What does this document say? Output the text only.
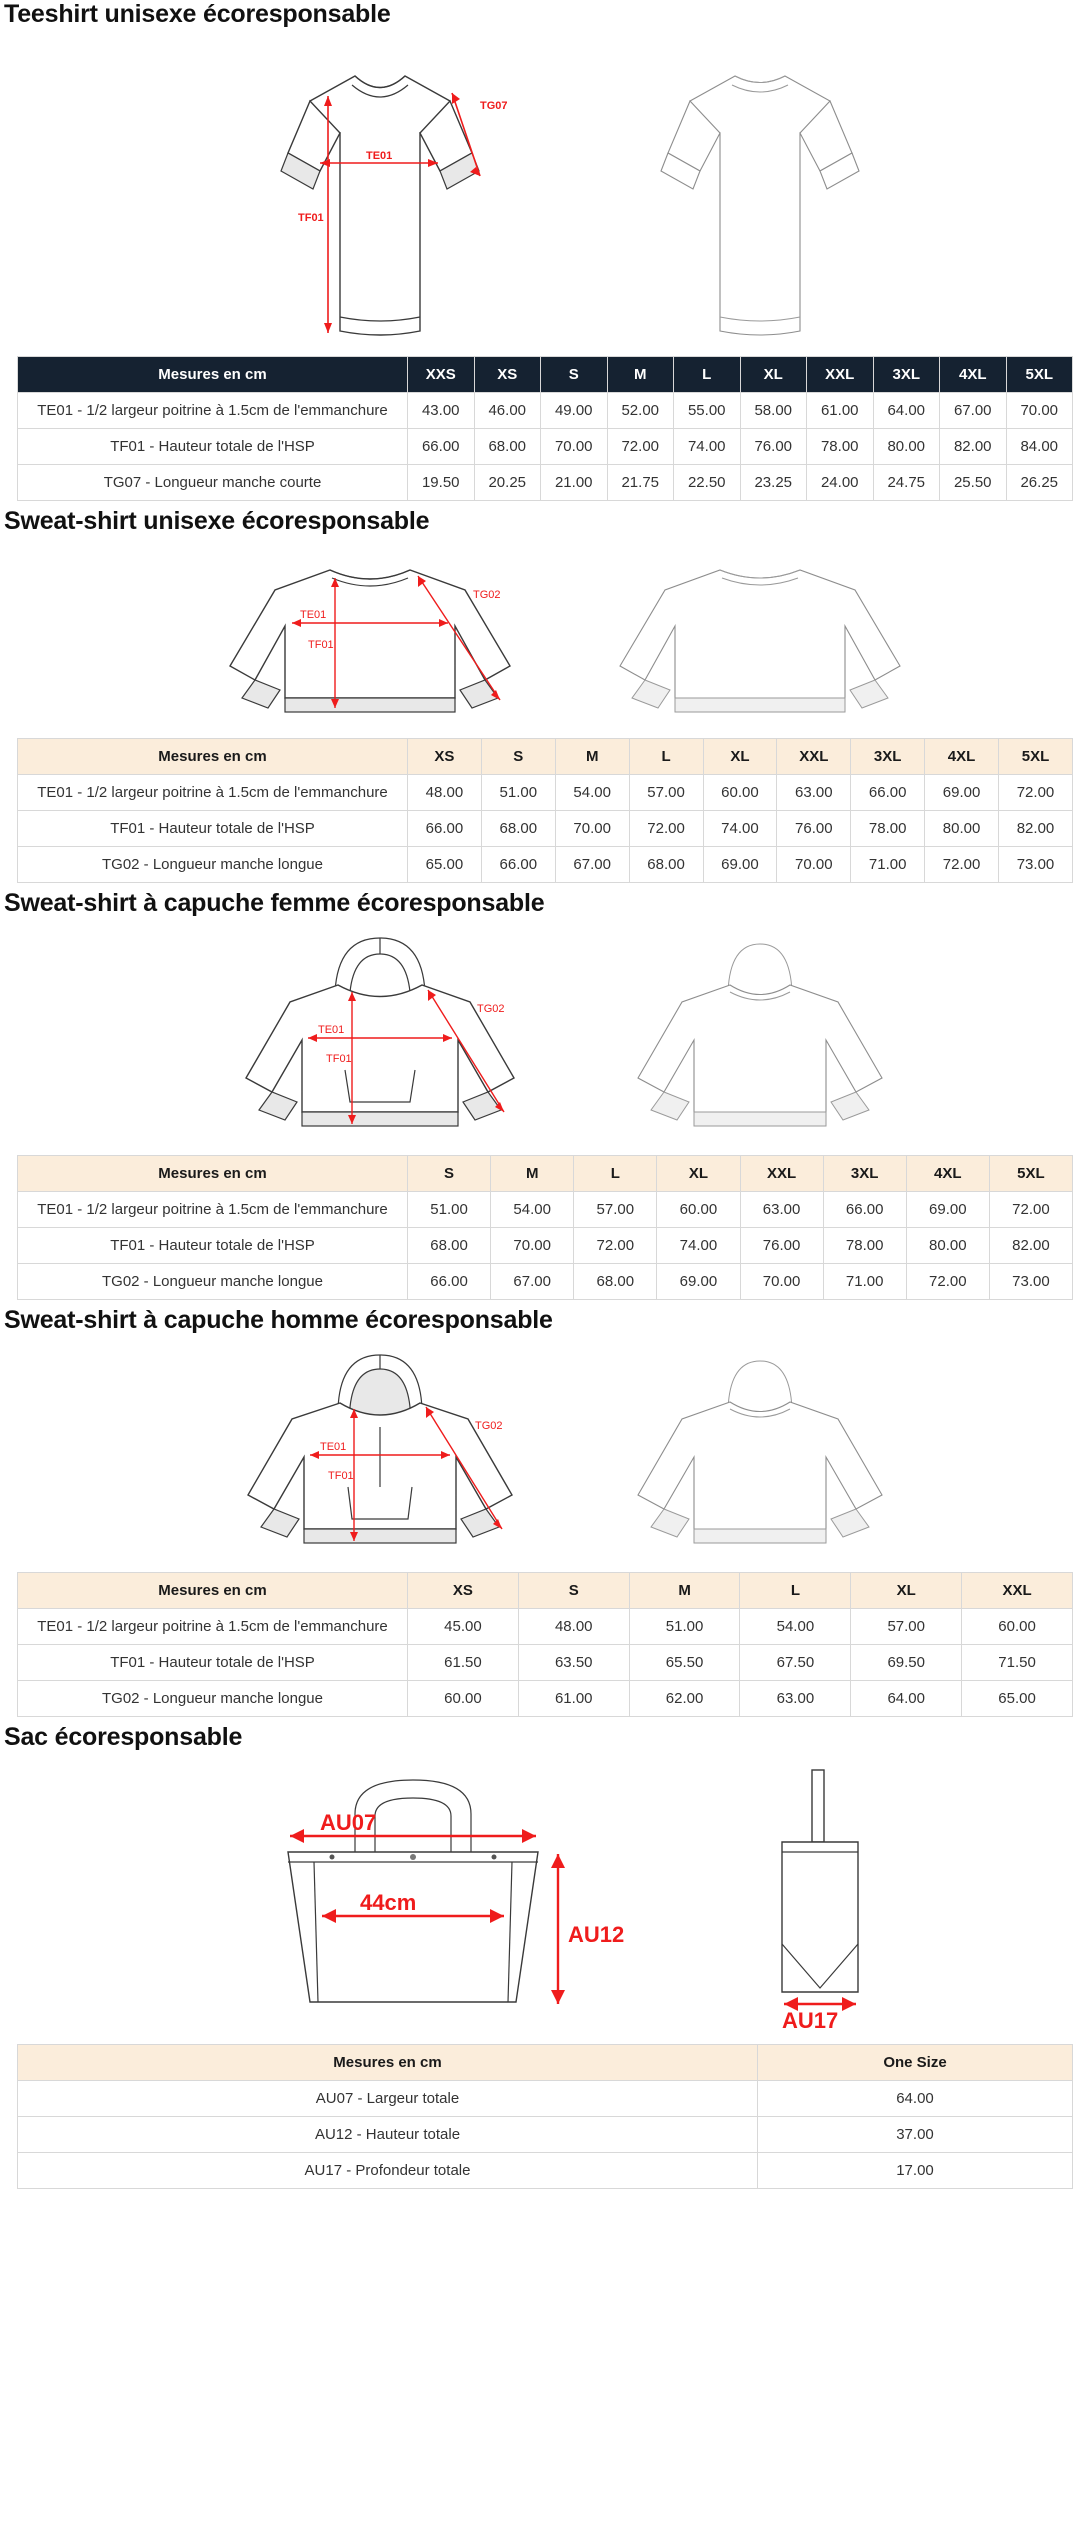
Teeshirt unisexe écoresponsable
TE01
TF01
TG07
Mesures en cm	XXS	XS	S	M	L	XL	XXL	3XL	4XL	5XL
TE01 - 1/2 largeur poitrine à 1.5cm de l'emmanchure	43.00	46.00	49.00	52.00	55.00	58.00	61.00	64.00	67.00	70.00
TF01 - Hauteur totale de l'HSP	66.00	68.00	70.00	72.00	74.00	76.00	78.00	80.00	82.00	84.00
TG07 - Longueur manche courte	19.50	20.25	21.00	21.75	22.50	23.25	24.00	24.75	25.50	26.25
Sweat-shirt unisexe écoresponsable
TE01
TF01
TG02
Mesures en cm	XS	S	M	L	XL	XXL	3XL	4XL	5XL
TE01 - 1/2 largeur poitrine à 1.5cm de l'emmanchure	48.00	51.00	54.00	57.00	60.00	63.00	66.00	69.00	72.00
TF01 - Hauteur totale de l'HSP	66.00	68.00	70.00	72.00	74.00	76.00	78.00	80.00	82.00
TG02 - Longueur manche longue	65.00	66.00	67.00	68.00	69.00	70.00	71.00	72.00	73.00
Sweat-shirt à capuche femme écoresponsable
TE01
TF01
TG02
Mesures en cm	S	M	L	XL	XXL	3XL	4XL	5XL
TE01 - 1/2 largeur poitrine à 1.5cm de l'emmanchure	51.00	54.00	57.00	60.00	63.00	66.00	69.00	72.00
TF01 - Hauteur totale de l'HSP	68.00	70.00	72.00	74.00	76.00	78.00	80.00	82.00
TG02 - Longueur manche longue	66.00	67.00	68.00	69.00	70.00	71.00	72.00	73.00
Sweat-shirt à capuche homme écoresponsable
TE01
TF01
TG02
Mesures en cm	XS	S	M	L	XL	XXL
TE01 - 1/2 largeur poitrine à 1.5cm de l'emmanchure	45.00	48.00	51.00	54.00	57.00	60.00
TF01 - Hauteur totale de l'HSP	61.50	63.50	65.50	67.50	69.50	71.50
TG02 - Longueur manche longue	60.00	61.00	62.00	63.00	64.00	65.00
Sac écoresponsable
AU07
44cm
AU12
AU17
Mesures en cm	One Size
AU07 - Largeur totale	64.00
AU12 - Hauteur totale	37.00
AU17 - Profondeur totale	17.00
